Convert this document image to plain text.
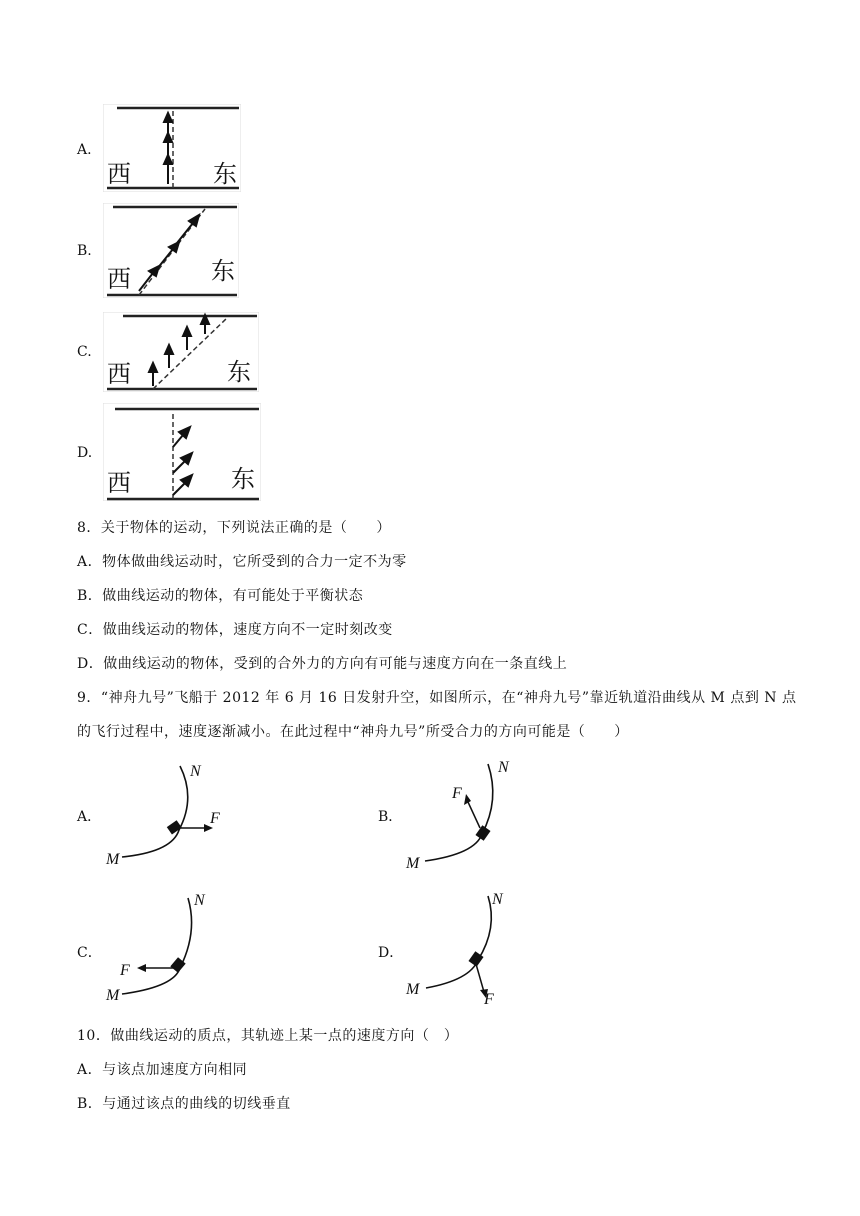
A.
西	东
B.
西	东
C.
西	东
D.
西	东
8．关于物体的运动，下列说法正确的是（　　）
A．物体做曲线运动时，它所受到的合力一定不为零
B．做曲线运动的物体，有可能处于平衡状态
C．做曲线运动的物体，速度方向不一定时刻改变
D．做曲线运动的物体，受到的合外力的方向有可能与速度方向在一条直线上
9．“神舟九号”飞船于 2012 年 6 月 16 日发射升空，如图所示，在“神舟九号”靠近轨道沿曲线从 M 点到 N 点
的飞行过程中，速度逐渐减小。在此过程中“神舟九号”所受合力的方向可能是（　　）
A．
N
M
F	B．
N
M
F
C．
N
M
F
D．
N
M
F
10．做曲线运动的质点，其轨迹上某一点的速度方向（　）
A．与该点加速度方向相同
B．与通过该点的曲线的切线垂直
